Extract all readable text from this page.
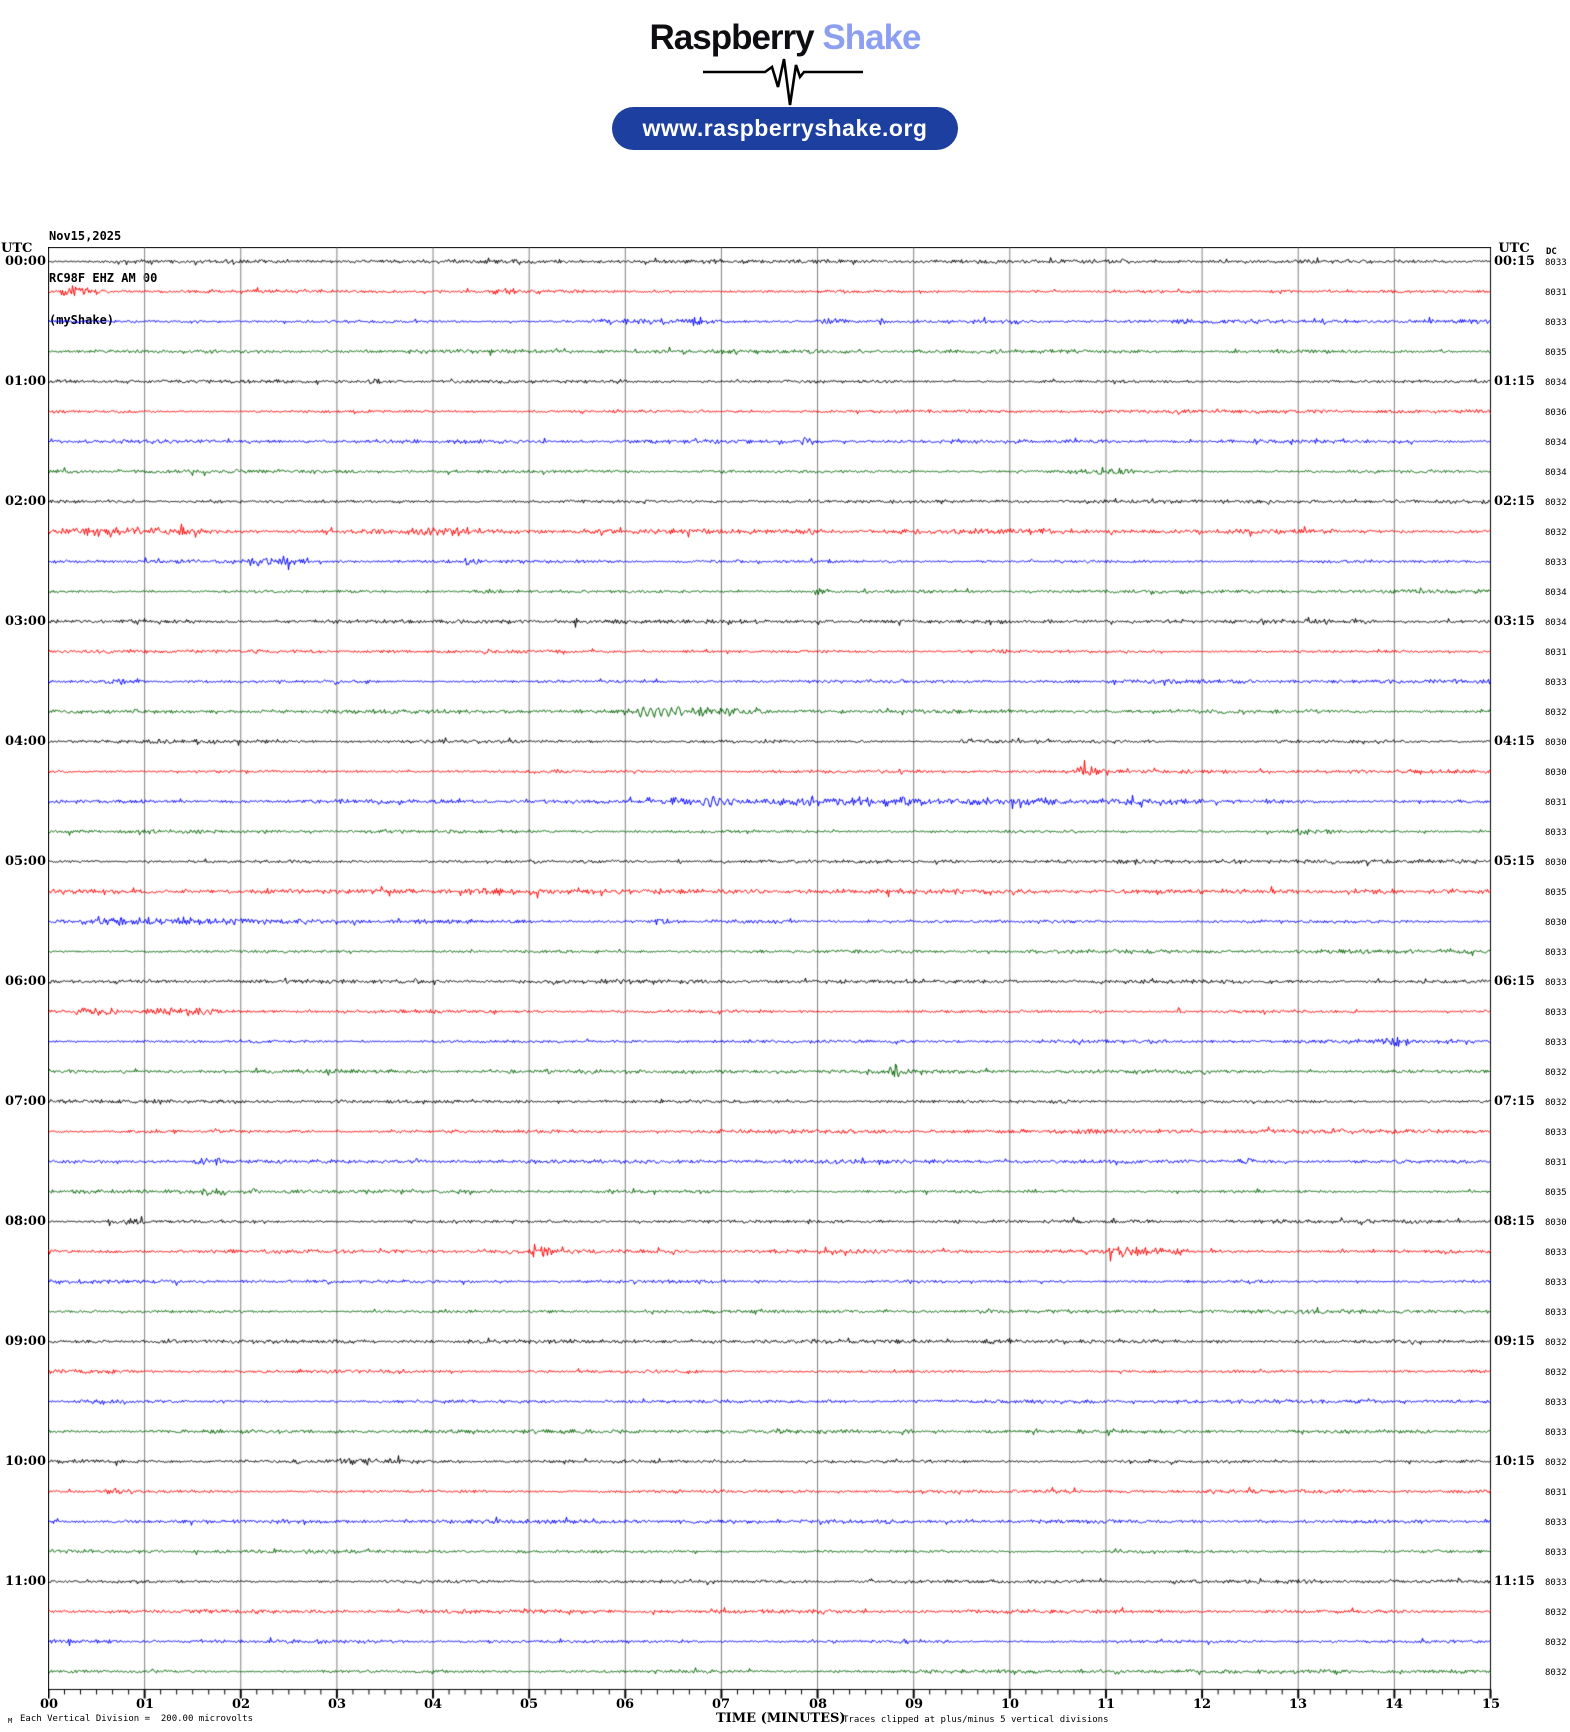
Raspberry Shake
www.raspberryshake.org

Nov15,2025

UTC	UTC	DC
00:00
01:00
02:00
03:00
04:00
05:00
06:00
07:00
08:00
09:00
10:00
11:00
00:15
01:15
02:15
03:15
04:15
05:15
06:15
07:15
08:15
09:15
10:15
11:15
8033
8031
8033
8035
8034
8036
8034
8034
8032
8032
8033
8034
8034
8031
8033
8032
8030
8030
8031
8033
8030
8035
8030
8033
8033
8033
8033
8032
8032
8033
8031
8035
8030
8033
8033
8033
8032
8032
8033
8033
8032
8031
8033
8033
8033
8032
8032
8032
00	01	02	03	04	05	06	07	08	09	10	11	12	13	14	15
M Each Vertical Division =  200.00 microvolts	TIME (MINUTES)
Traces clipped at plus/minus 5 vertical divisions
